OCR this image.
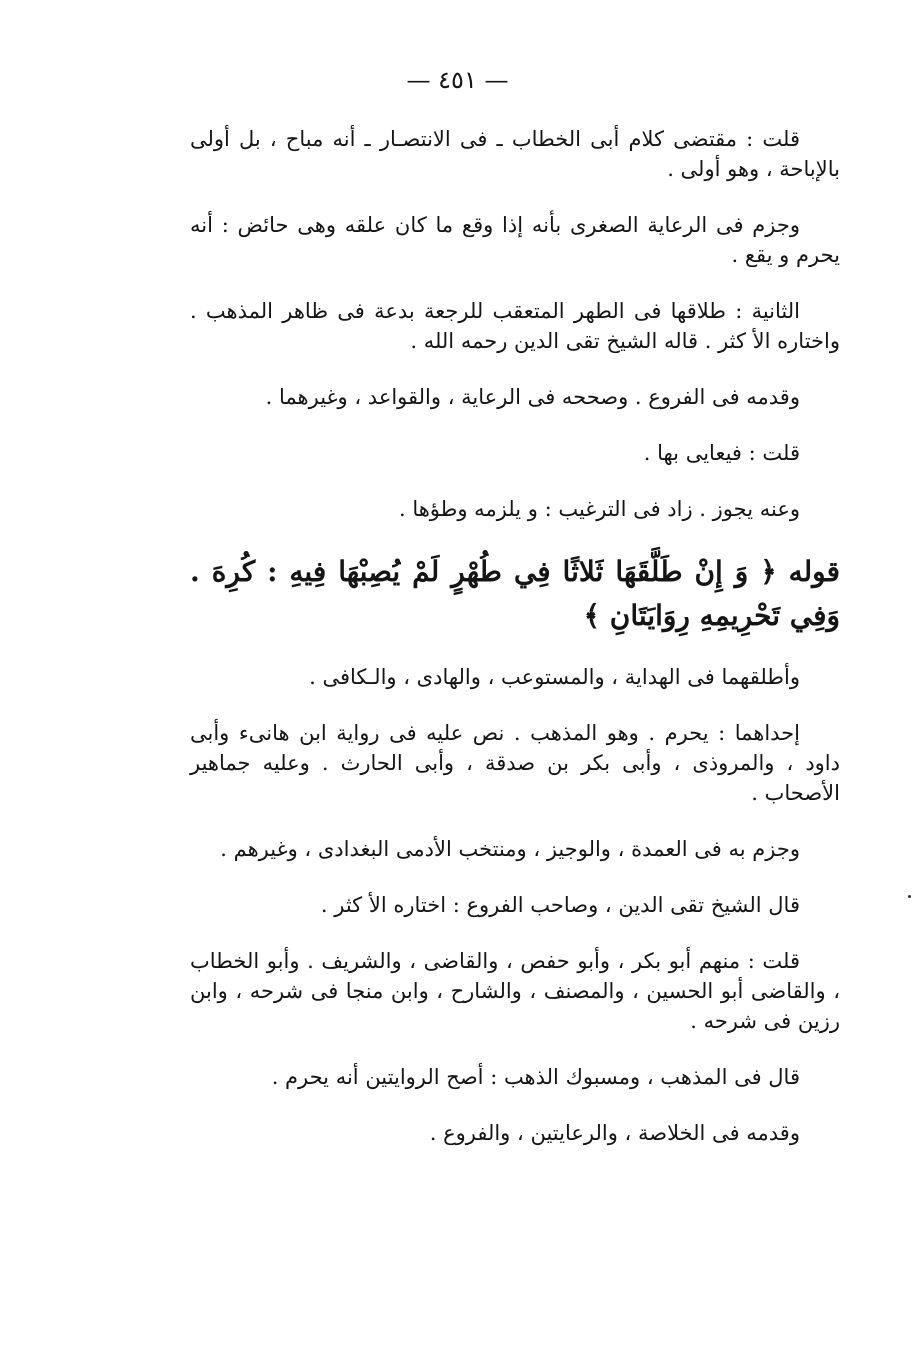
— ٤٥١ —

قلت : مقتضى كلام أبى الخطاب ـ فى الانتصـار ـ أنه مباح ، بل أولى بالإباحة ، وهو أولى .

وجزم فى الرعاية الصغرى بأنه إذا وقع ما كان علقه وهى حائض : أنه يحرم و يقع .

الثانية : طلاقها فى الطهر المتعقب للرجعة بدعة فى ظاهر المذهب . واختاره الأ كثر . قاله الشيخ تقى الدين رحمه الله .

وقدمه فى الفروع . وصححه فى الرعاية ، والقواعد ، وغيرهما .

قلت : فيعايى بها .

وعنه يجوز . زاد فى الترغيب : و يلزمه وطؤها .

قوله ﴿ وَ إِنْ طَلَّقَهَا ثَلاثًا فِي طُهْرٍ لَمْ يُصِبْهَا فِيهِ : كُرِهَ . وَفِي تَحْرِيمِهِ رِوَايَتَانِ ﴾

وأطلقهما فى الهداية ، والمستوعب ، والهادى ، والـكافى .

إحداهما : يحرم . وهو المذهب . نص عليه فى رواية ابن هانىء وأبى داود ، والمروذى ، وأبى بكر بن صدقة ، وأبى الحارث . وعليه جماهير الأصحاب .

وجزم به فى العمدة ، والوجيز ، ومنتخب الأدمى البغدادى ، وغيرهم .

قال الشيخ تقى الدين ، وصاحب الفروع : اختاره الأ كثر .

قلت : منهم أبو بكر ، وأبو حفص ، والقاضى ، والشريف . وأبو الخطاب ، والقاضى أبو الحسين ، والمصنف ، والشارح ، وابن منجا فى شرحه ، وابن رزين فى شرحه .

قال فى المذهب ، ومسبوك الذهب : أصح الروايتين أنه يحرم .

وقدمه فى الخلاصة ، والرعايتين ، والفروع .
